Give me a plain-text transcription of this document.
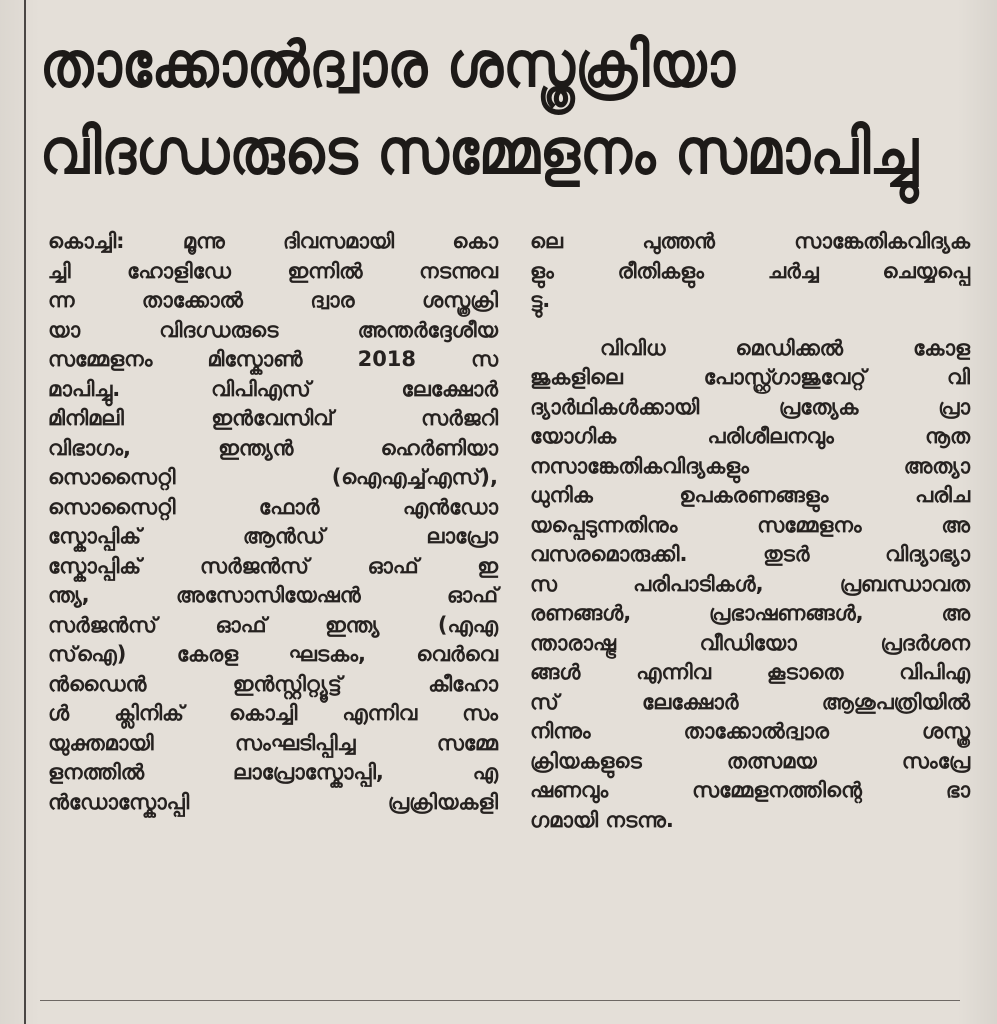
താക്കോൽദ്വാര ശസ്ത്രക്രിയാ
വിദഗ്ധരുടെ സമ്മേളനം സമാപിച്ചു
കൊച്ചി: മൂന്നു ദിവസമായി കൊ
ച്ചി ഹോളിഡേ ഇന്നിൽ നടന്നുവ
ന്ന താക്കോൽ ദ്വാര ശസ്ത്രക്രി
യാ വിദഗ്ധരുടെ അന്തർദ്ദേശീയ
സമ്മേളനം മിസ്കോൺ 2018 സ
മാപിച്ചു. വിപിഎസ് ലേക്ഷോർ
മിനിമലി ഇൻവേസിവ് സർജറി
വിഭാഗം, ഇന്ത്യൻ ഹെർണിയാ
സൊസൈറ്റി (ഐഎച്ച്എസ്),
സൊസൈറ്റി ഫോർ എൻഡോ
സ്കോപ്പിക് ആൻഡ് ലാപ്രോ
സ്കോപ്പിക് സർജൻസ് ഓഫ് ഇ
ന്ത്യ, അസോസിയേഷൻ ഓഫ്
സർജൻസ് ഓഫ് ഇന്ത്യ (എഎ
സ്ഐ) കേരള ഘടകം, വെർവെ
ൻഡൈൻ ഇൻസ്റ്റിറ്റ്യൂട്ട് കീഹോ
ൾ ക്ലിനിക് കൊച്ചി എന്നിവ സം
യുക്തമായി സംഘടിപ്പിച്ച സമ്മേ
ളനത്തിൽ ലാപ്രോസ്കോപ്പി, എ
ൻഡോസ്കോപ്പി പ്രക്രിയകളി
ലെ പുത്തൻ സാങ്കേതികവിദ്യക
ളും രീതികളും ചർച്ച ചെയ്യപ്പെ
ട്ടു.
വിവിധ മെഡിക്കൽ കോള
ജുകളിലെ പോസ്റ്റ്ഗ്രാജുവേറ്റ് വി
ദ്യാർഥികൾക്കായി പ്രത്യേക പ്രാ
യോഗിക പരിശീലനവും നൂത
നസാങ്കേതികവിദ്യകളും അത്യാ
ധുനിക ഉപകരണങ്ങളും പരിച
യപ്പെടുന്നതിനും സമ്മേളനം അ
വസരമൊരുക്കി. തുടർ വിദ്യാഭ്യാ
സ പരിപാടികൾ, പ്രബന്ധാവത
രണങ്ങൾ, പ്രഭാഷണങ്ങൾ, അ
ന്താരാഷ്ട്ര വീഡിയോ പ്രദർശന
ങ്ങൾ എന്നിവ കൂടാതെ വിപിഎ
സ് ലേക്ഷോർ ആശുപത്രിയിൽ
നിന്നും താക്കോൽദ്വാര ശസ്ത്ര
ക്രിയകളുടെ തത്സമയ സംപ്രേ
ഷണവും സമ്മേളനത്തിന്റെ ഭാ
ഗമായി നടന്നു.
